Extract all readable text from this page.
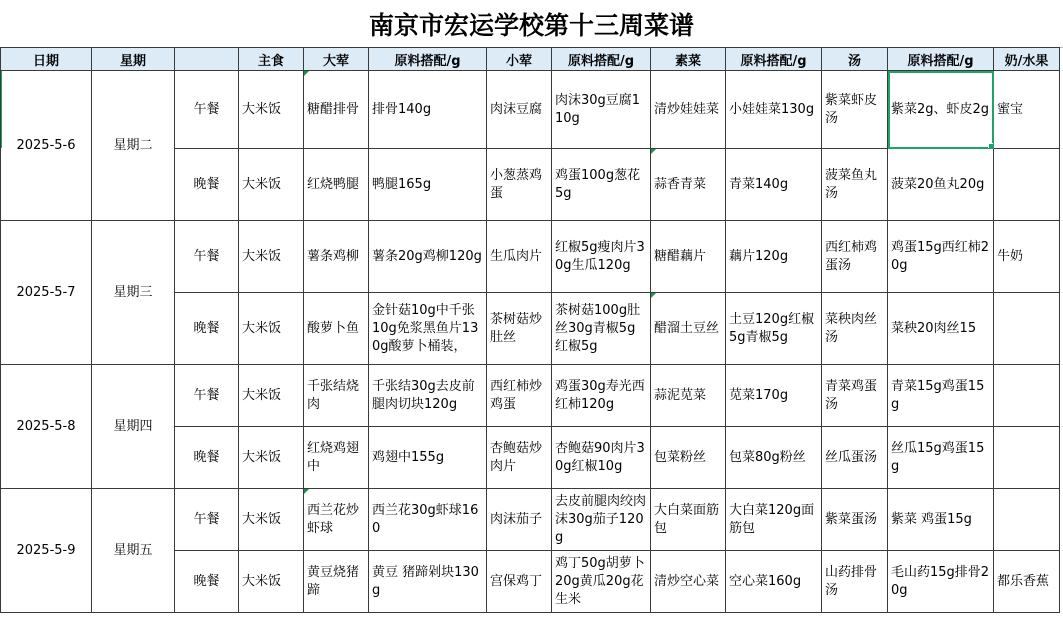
南京市宏运学校第十三周菜谱
日期	星期		主食	大荤	原料搭配/g	小荤	原料搭配/g	素菜	原料搭配/g	汤	原料搭配/g	奶/水果
2025-5-6	星期二	午餐	大米饭	糖醋排骨	排骨140g	肉沫豆腐	肉沫30g豆腐110g	清炒娃娃菜	小娃娃菜130g	紫菜虾皮汤	紫菜2g、虾皮2g	蜜宝
		晚餐	大米饭	红烧鸭腿	鸭腿165g	小葱蒸鸡蛋	鸡蛋100g葱花5g	蒜香青菜	青菜140g	菠菜鱼丸汤	菠菜20鱼丸20g	
2025-5-7	星期三	午餐	大米饭	薯条鸡柳	薯条20g鸡柳120g	生瓜肉片	红椒5g瘦肉片30g生瓜120g	糖醋藕片	藕片120g	西红柿鸡蛋汤	鸡蛋15g西红柿20g	牛奶
		晚餐	大米饭	酸萝卜鱼	金针菇10g中千张10g免浆黑鱼片130g酸萝卜桶装，	茶树菇炒肚丝	茶树菇100g肚丝30g青椒5g红椒5g	醋溜土豆丝	土豆120g红椒5g青椒5g	菜秧肉丝汤	菜秧20肉丝15	
2025-5-8	星期四	午餐	大米饭	千张结烧肉	千张结30g去皮前腿肉切块120g	西红柿炒鸡蛋	鸡蛋30g寿光西红柿120g	蒜泥苋菜	苋菜170g	青菜鸡蛋汤	青菜15g鸡蛋15g	
		晚餐	大米饭	红烧鸡翅中	鸡翅中155g	杏鲍菇炒肉片	杏鲍菇90肉片30g红椒10g	包菜粉丝	包菜80g粉丝	丝瓜蛋汤	丝瓜15g鸡蛋15g	
2025-5-9	星期五	午餐	大米饭	西兰花炒虾球	西兰花30g虾球160	肉沫茄子	去皮前腿肉绞肉沫30g茄子120g	大白菜面筋包	大白菜120g面筋包	紫菜蛋汤	紫菜 鸡蛋15g	
		晚餐	大米饭	黄豆烧猪蹄	黄豆 猪蹄剁块130g	宫保鸡丁	鸡丁50g胡萝卜20g黄瓜20g花生米	清炒空心菜	空心菜160g	山药排骨汤	毛山药15g排骨20g	都乐香蕉
